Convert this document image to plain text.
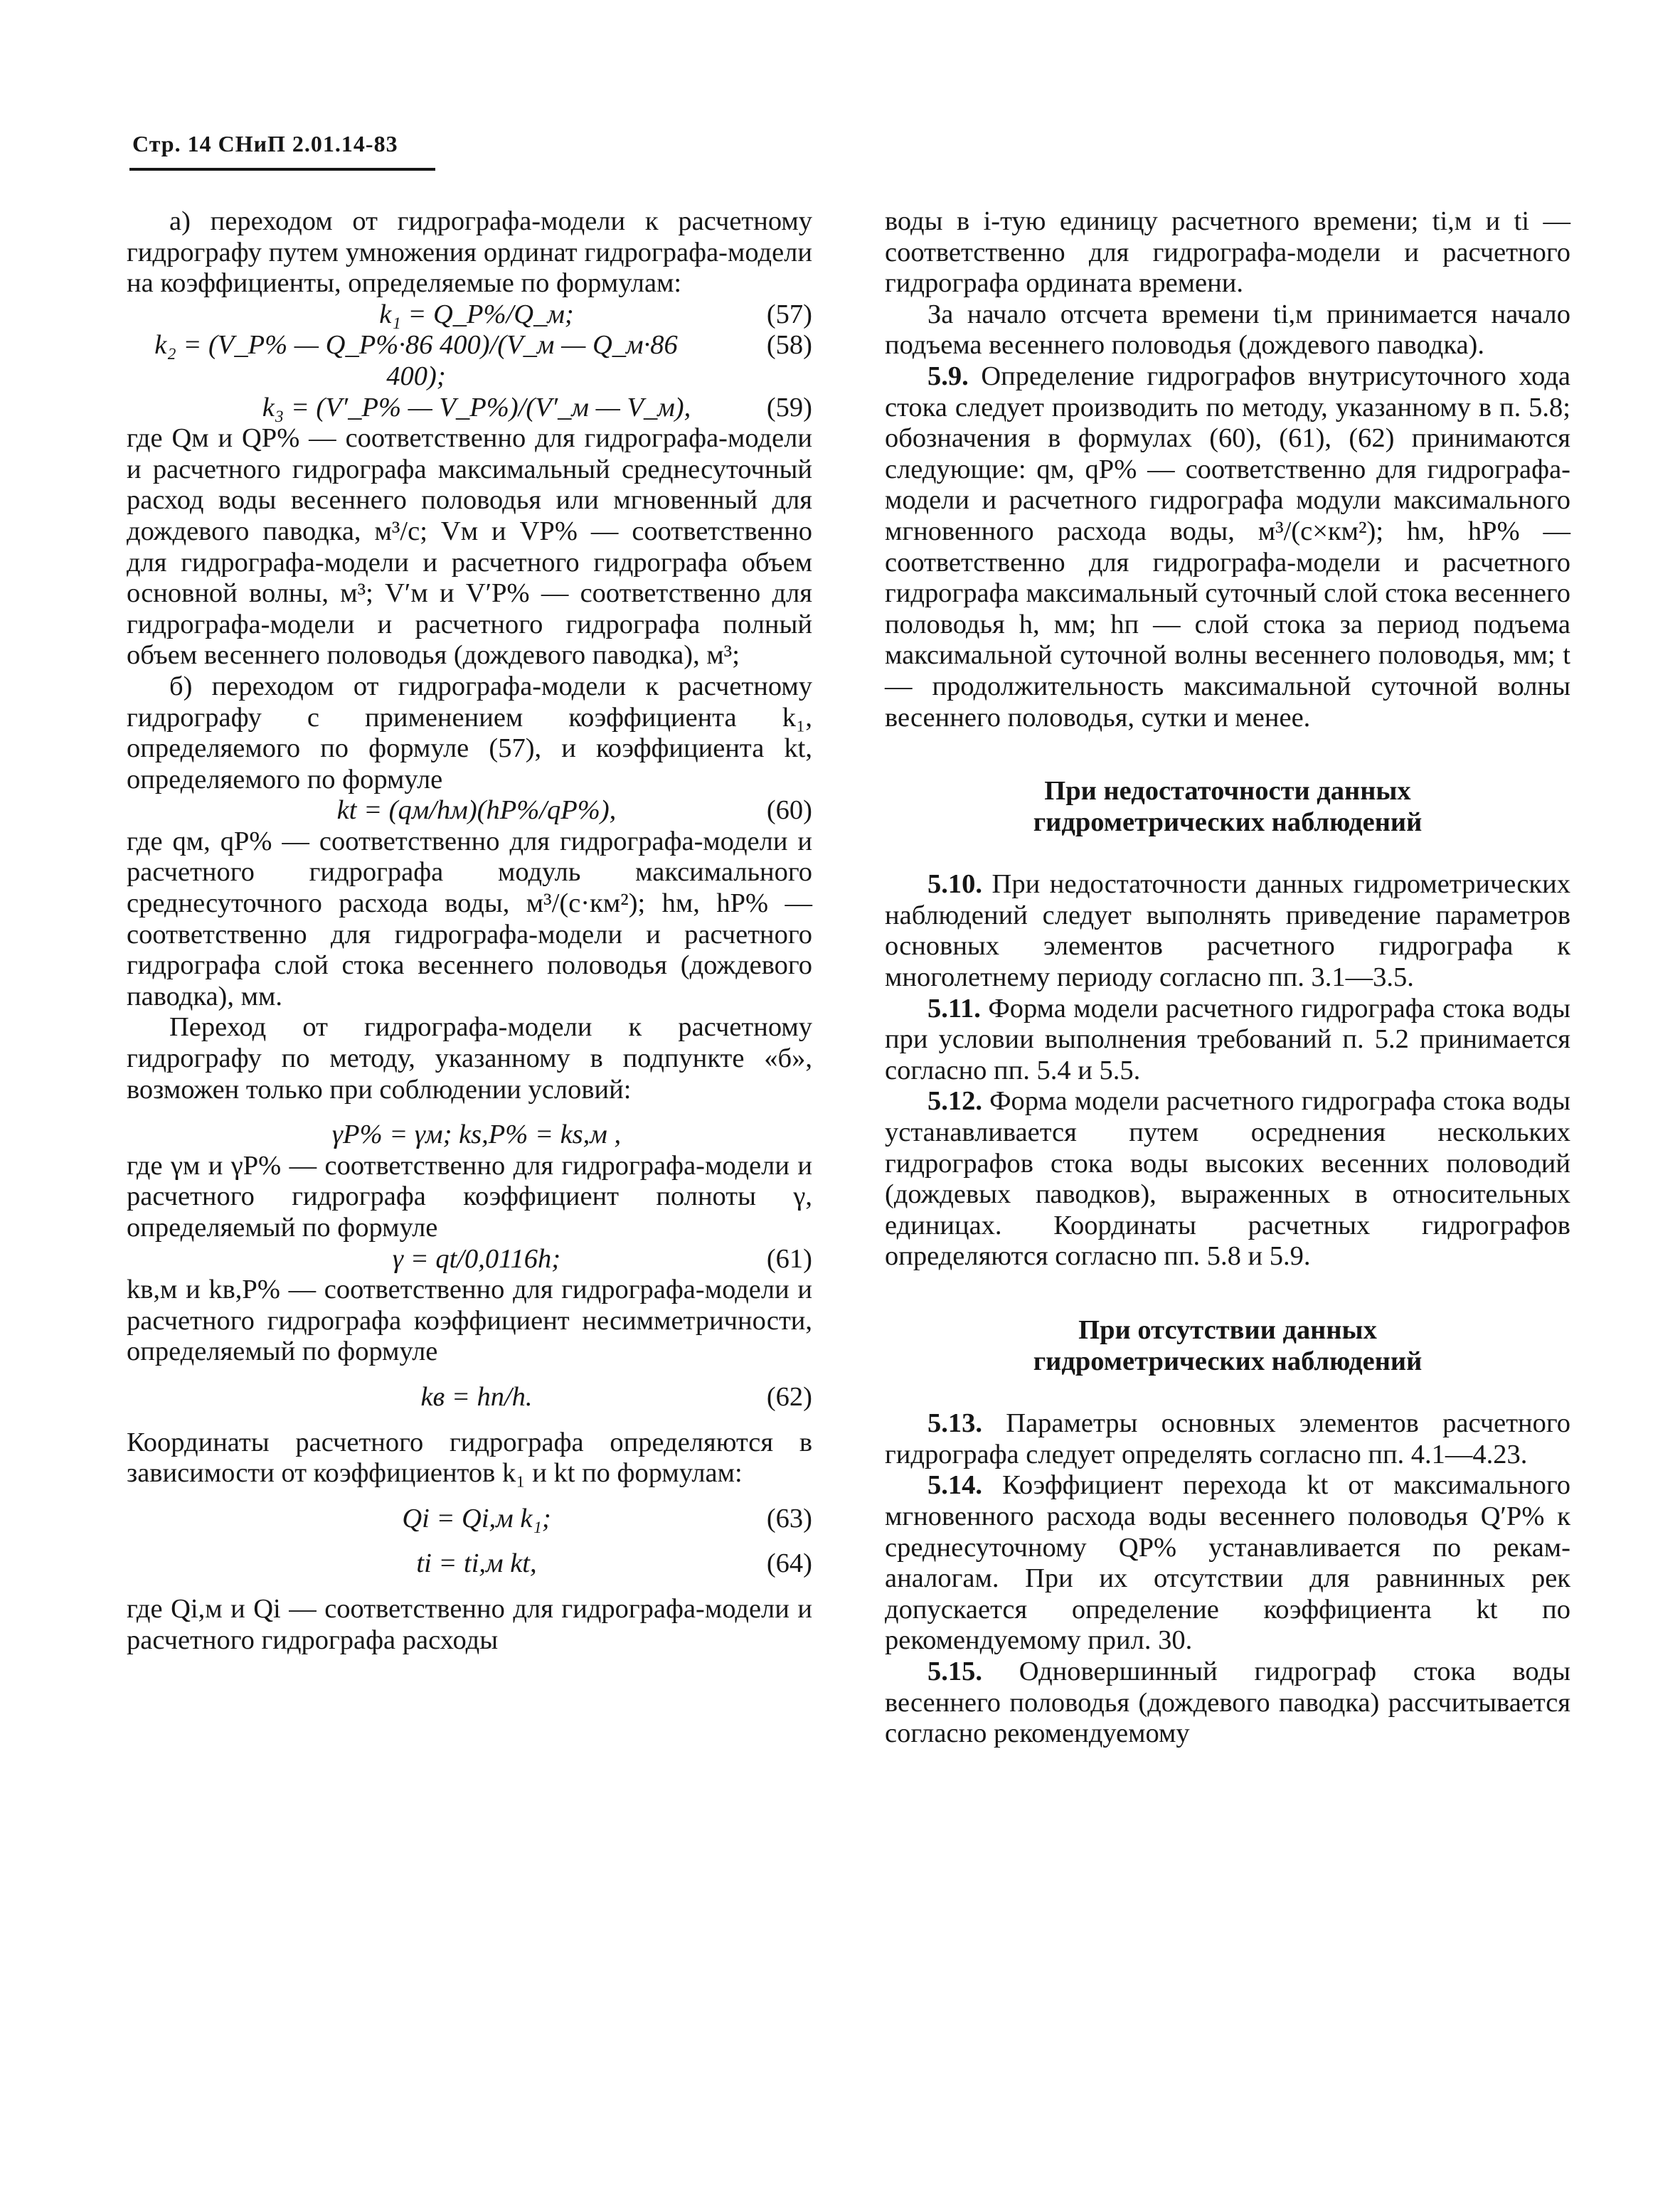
Стр. 14 СНиП 2.01.14-83

а) переходом от гидрографа-модели к расчетному гидрографу путем умножения ординат гидрографа-модели на коэффициенты, определяемые по формулам:

k₁ = Q_P%/Q_м;	(57)
k₂ = (V_P% — Q_P%·86 400)/(V_м — Q_м·86 400);
(58)
k₃ = (V′_P% — V_P%)/(V′_м — V_м),	(59)

где Qм и QP% — соответственно для гидрографа-модели и расчетного гидрографа максимальный среднесуточный расход воды весеннего половодья или мгновенный для дождевого паводка, м³/с; Vм и VP% — соответственно для гидрографа-модели и расчетного гидрографа объем основной волны, м³; V′м и V′P% — соответственно для гидрографа-модели и расчетного гидрографа полный объем весеннего половодья (дождевого паводка), м³;

б) переходом от гидрографа-модели к расчетному гидрографу с применением коэффициента k₁, определяемого по формуле (57), и коэффициента kt, определяемого по формуле

kt = (qм/hм)(hP%/qP%),	(60)

где qм, qP% — соответственно для гидрографа-модели и расчетного гидрографа модуль максимального среднесуточного расхода воды, м³/(с·км²); hм, hP% — соответственно для гидрографа-модели и расчетного гидрографа слой стока весеннего половодья (дождевого паводка), мм.

Переход от гидрографа-модели к расчетному гидрографу по методу, указанному в подпункте «б», возможен только при соблюдении условий:

γP% = γм; ks,P% = ks,м ,

где γм и γP% — соответственно для гидрографа-модели и расчетного гидрографа коэффициент полноты γ, определяемый по формуле

γ = qt/0,0116h;	(61)

kв,м и kв,P% — соответственно для гидрографа-модели и расчетного гидрографа коэффициент несимметричности, определяемый по формуле

kв = hп/h.	(62)

Координаты расчетного гидрографа определяются в зависимости от коэффициентов k₁ и kt по формулам:

Qi = Qi,м k₁;	(63)
ti = ti,м kt,	(64)

где Qi,м и Qi — соответственно для гидрографа-модели и расчетного гидрографа расходы

воды в i-тую единицу расчетного времени; ti,м и ti — соответственно для гидрографа-модели и расчетного гидрографа ордината времени.

За начало отсчета времени ti,м принимается начало подъема весеннего половодья (дождевого паводка).

5.9. Определение гидрографов внутрисуточного хода стока следует производить по методу, указанному в п. 5.8; обозначения в формулах (60), (61), (62) принимаются следующие: qм, qP% — соответственно для гидрографа-модели и расчетного гидрографа модули максимального мгновенного расхода воды, м³/(с×км²); hм, hP% — соответственно для гидрографа-модели и расчетного гидрографа максимальный суточный слой стока весеннего половодья h, мм; hп — слой стока за период подъема максимальной суточной волны весеннего половодья, мм; t — продолжительность максимальной суточной волны весеннего половодья, сутки и менее.

При недостаточности данных
гидрометрических наблюдений

5.10. При недостаточности данных гидрометрических наблюдений следует выполнять приведение параметров основных элементов расчетного гидрографа к многолетнему периоду согласно пп. 3.1—3.5.

5.11. Форма модели расчетного гидрографа стока воды при условии выполнения требований п. 5.2 принимается согласно пп. 5.4 и 5.5.

5.12. Форма модели расчетного гидрографа стока воды устанавливается путем осреднения нескольких гидрографов стока воды высоких весенних половодий (дождевых паводков), выраженных в относительных единицах. Координаты расчетных гидрографов определяются согласно пп. 5.8 и 5.9.

При отсутствии данных
гидрометрических наблюдений

5.13. Параметры основных элементов расчетного гидрографа следует определять согласно пп. 4.1—4.23.

5.14. Коэффициент перехода kt от максимального мгновенного расхода воды весеннего половодья Q′P% к среднесуточному QP% устанавливается по рекам-аналогам. При их отсутствии для равнинных рек допускается определение коэффициента kt по рекомендуемому прил. 30.

5.15. Одновершинный гидрограф стока воды весеннего половодья (дождевого паводка) рассчитывается согласно рекомендуемому
